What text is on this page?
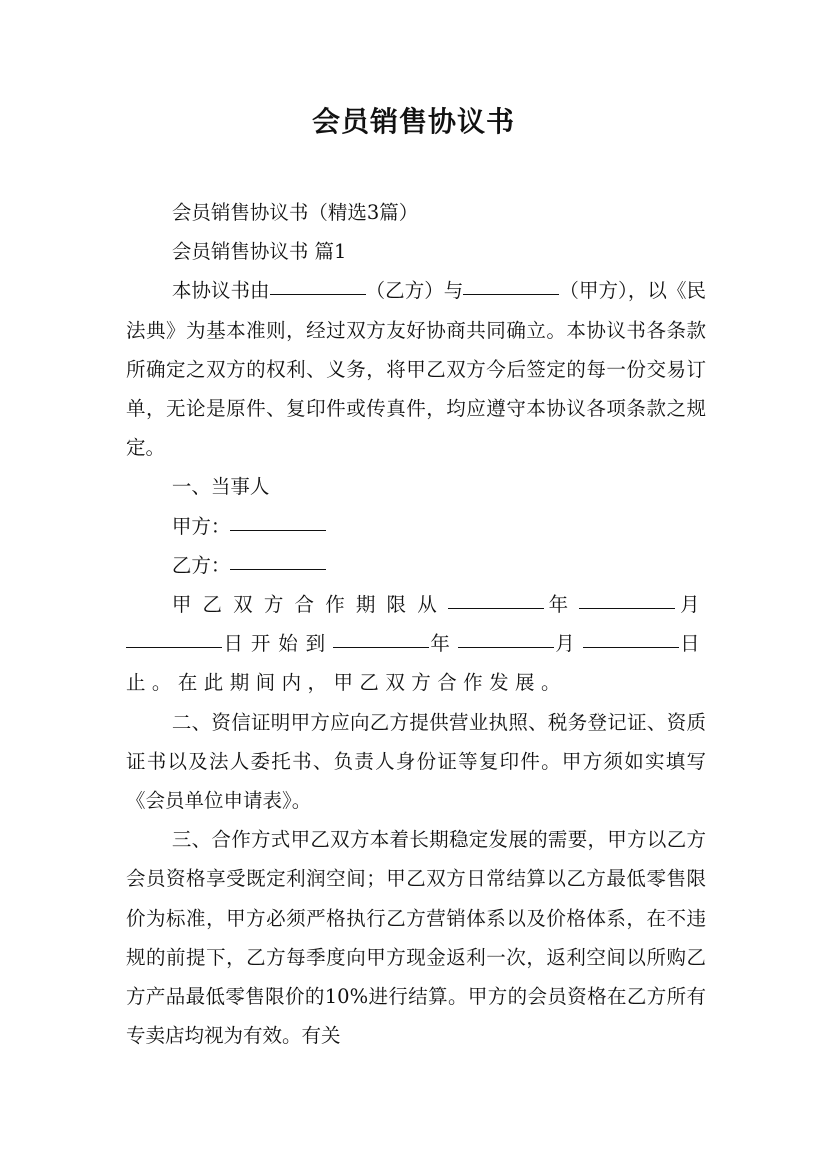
会员销售协议书

会员销售协议书（精选3篇）

会员销售协议书 篇1

本协议书由	（乙方）与	（甲方），以《民法典》为基本准则，经过双方友好协商共同确立。本协议书各条款所确定之双方的权利、义务，将甲乙双方今后签定的每一份交易订单，无论是原件、复印件或传真件，均应遵守本协议各项条款之规定。

一、当事人

甲方：

乙方：

甲乙双方合作期限从	年	月日开始到	年	月	日止。在此期间内，甲乙双方合作发展。

二、资信证明甲方应向乙方提供营业执照、税务登记证、资质证书以及法人委托书、负责人身份证等复印件。甲方须如实填写《会员单位申请表》。

三、合作方式甲乙双方本着长期稳定发展的需要，甲方以乙方会员资格享受既定利润空间；甲乙双方日常结算以乙方最低零售限价为标准，甲方必须严格执行乙方营销体系以及价格体系，在不违规的前提下，乙方每季度向甲方现金返利一次，返利空间以所购乙方产品最低零售限价的10%进行结算。甲方的会员资格在乙方所有专卖店均视为有效。有关
